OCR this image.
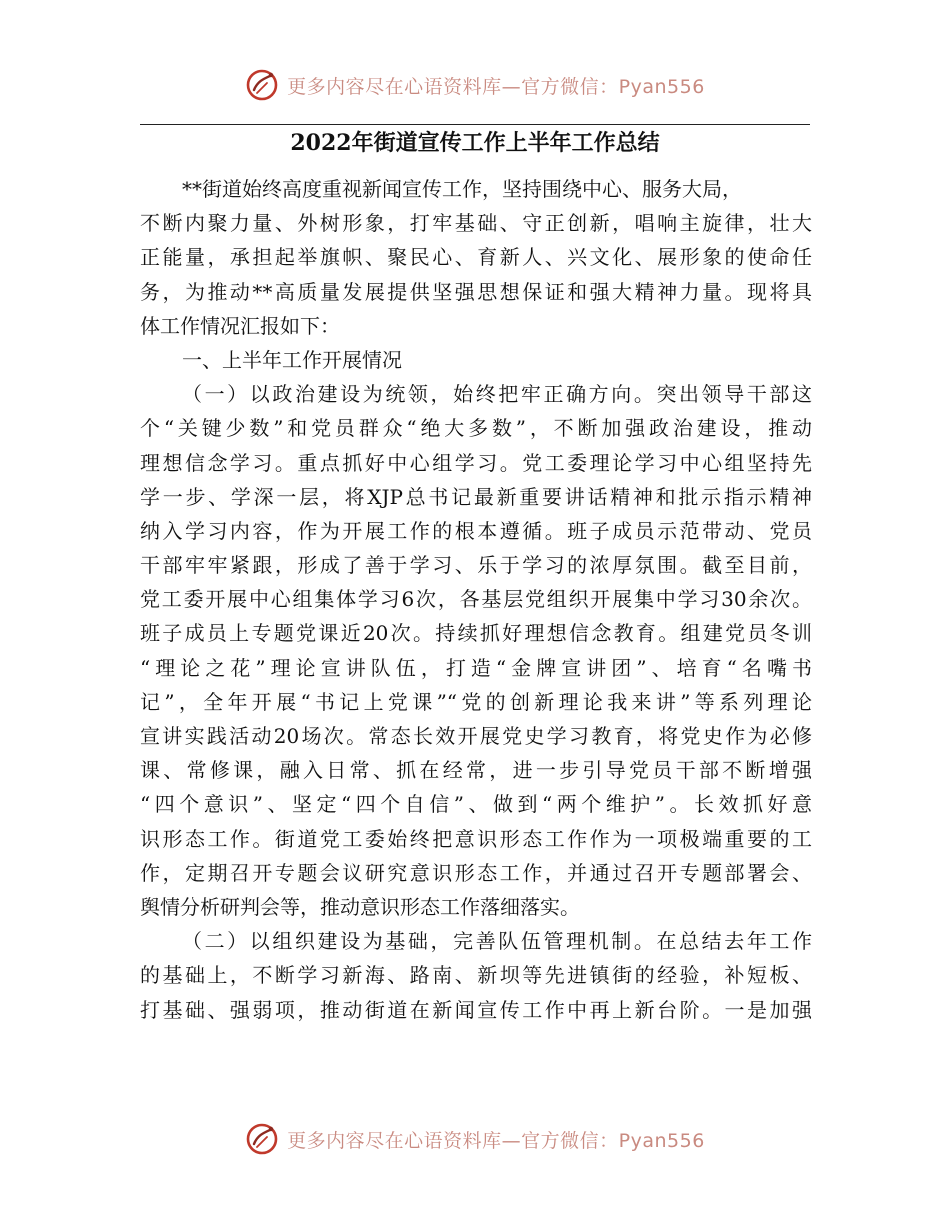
更多内容尽在心语资料库—官方微信：Pyan556
2022年街道宣传工作上半年工作总结
**街道始终高度重视新闻宣传工作，坚持围绕中心、服务大局，
不断内聚力量、外树形象，打牢基础、守正创新，唱响主旋律，壮大
正能量，承担起举旗帜、聚民心、育新人、兴文化、展形象的使命任
务，为推动**高质量发展提供坚强思想保证和强大精神力量。现将具
体工作情况汇报如下：
一、上半年工作开展情况
（一）以政治建设为统领，始终把牢正确方向。突出领导干部这
个“关键少数”和党员群众“绝大多数”，不断加强政治建设，推动
理想信念学习。重点抓好中心组学习。党工委理论学习中心组坚持先
学一步、学深一层，将XJP总书记最新重要讲话精神和批示指示精神
纳入学习内容，作为开展工作的根本遵循。班子成员示范带动、党员
干部牢牢紧跟，形成了善于学习、乐于学习的浓厚氛围。截至目前，
党工委开展中心组集体学习6次，各基层党组织开展集中学习30余次。
班子成员上专题党课近20次。持续抓好理想信念教育。组建党员冬训
“理论之花”理论宣讲队伍，打造“金牌宣讲团”、培育“名嘴书
记”，全年开展“书记上党课”“党的创新理论我来讲”等系列理论
宣讲实践活动20场次。常态长效开展党史学习教育，将党史作为必修
课、常修课，融入日常、抓在经常，进一步引导党员干部不断增强
“四个意识”、坚定“四个自信”、做到“两个维护”。长效抓好意
识形态工作。街道党工委始终把意识形态工作作为一项极端重要的工
作，定期召开专题会议研究意识形态工作，并通过召开专题部署会、
舆情分析研判会等，推动意识形态工作落细落实。
（二）以组织建设为基础，完善队伍管理机制。在总结去年工作
的基础上，不断学习新海、路南、新坝等先进镇街的经验，补短板、
打基础、强弱项，推动街道在新闻宣传工作中再上新台阶。一是加强
更多内容尽在心语资料库—官方微信：Pyan556
